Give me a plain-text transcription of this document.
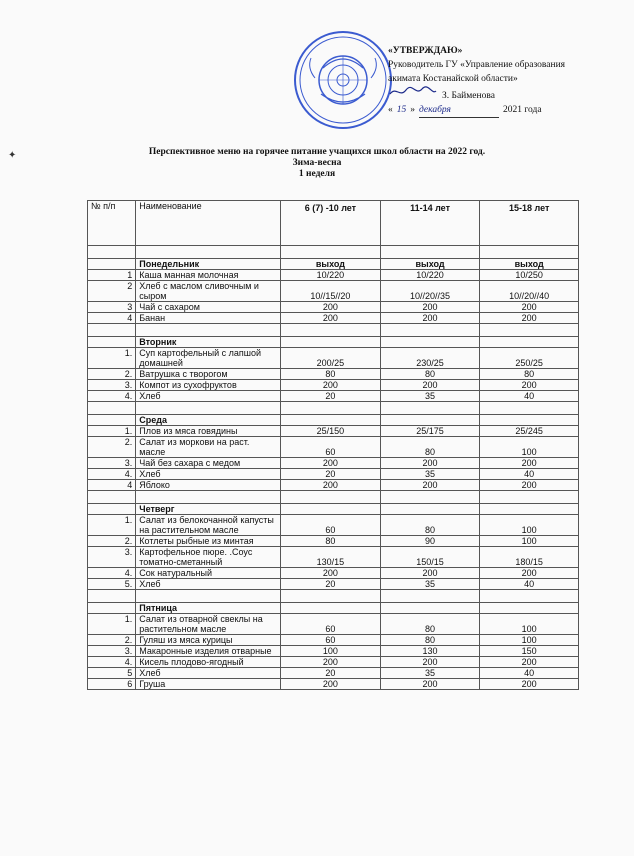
«УТВЕРЖДАЮ»
Руководитель ГУ «Управление образования
акимата Костанайской области»
З. Байменова
« 15 » декабря	2021 года
✦	Перспективное меню на горячее питание учащихся школ области на 2022 год.
Зима-весна
1 неделя
№ п/п	Наименование	6 (7) -10 лет	11-14 лет	15-18 лет

	Понедельник	выход	выход	выход
1	Каша манная молочная	10/220	10/220	10/250
2	Хлеб с маслом сливочным и сыром	10//15//20	10//20//35	10//20//40
3	Чай с сахаром	200	200	200
4	Банан	200	200	200

	Вторник			
1.	Суп картофельный с лапшой домашней	200/25	230/25	250/25
2.	Ватрушка с творогом	80	80	80
3.	Компот из сухофруктов	200	200	200
4.	Хлеб	20	35	40

	Среда			
1.	Плов из мяса говядины	25/150	25/175	25/245
2.	Салат из моркови на раст. масле	60	80	100
3.	Чай без сахара с медом	200	200	200
4.	Хлеб	20	35	40
4	Яблоко	200	200	200

	Четверг			
1.	Салат из белокочанной капусты на растительном масле	60	80	100
2.	Котлеты рыбные из минтая	80	90	100
3.	Картофельное пюре. .Соус томатно-сметанный	130/15	150/15	180/15
4.	Сок натуральный	200	200	200
5.	Хлеб	20	35	40

	Пятница			
1.	Салат из отварной свеклы на растительном масле	60	80	100
2.	Гуляш из мяса курицы	60	80	100
3.	Макаронные изделия отварные	100	130	150
4.	Кисель плодово-ягодный	200	200	200
5	Хлеб	20	35	40
6	Груша	200	200	200
